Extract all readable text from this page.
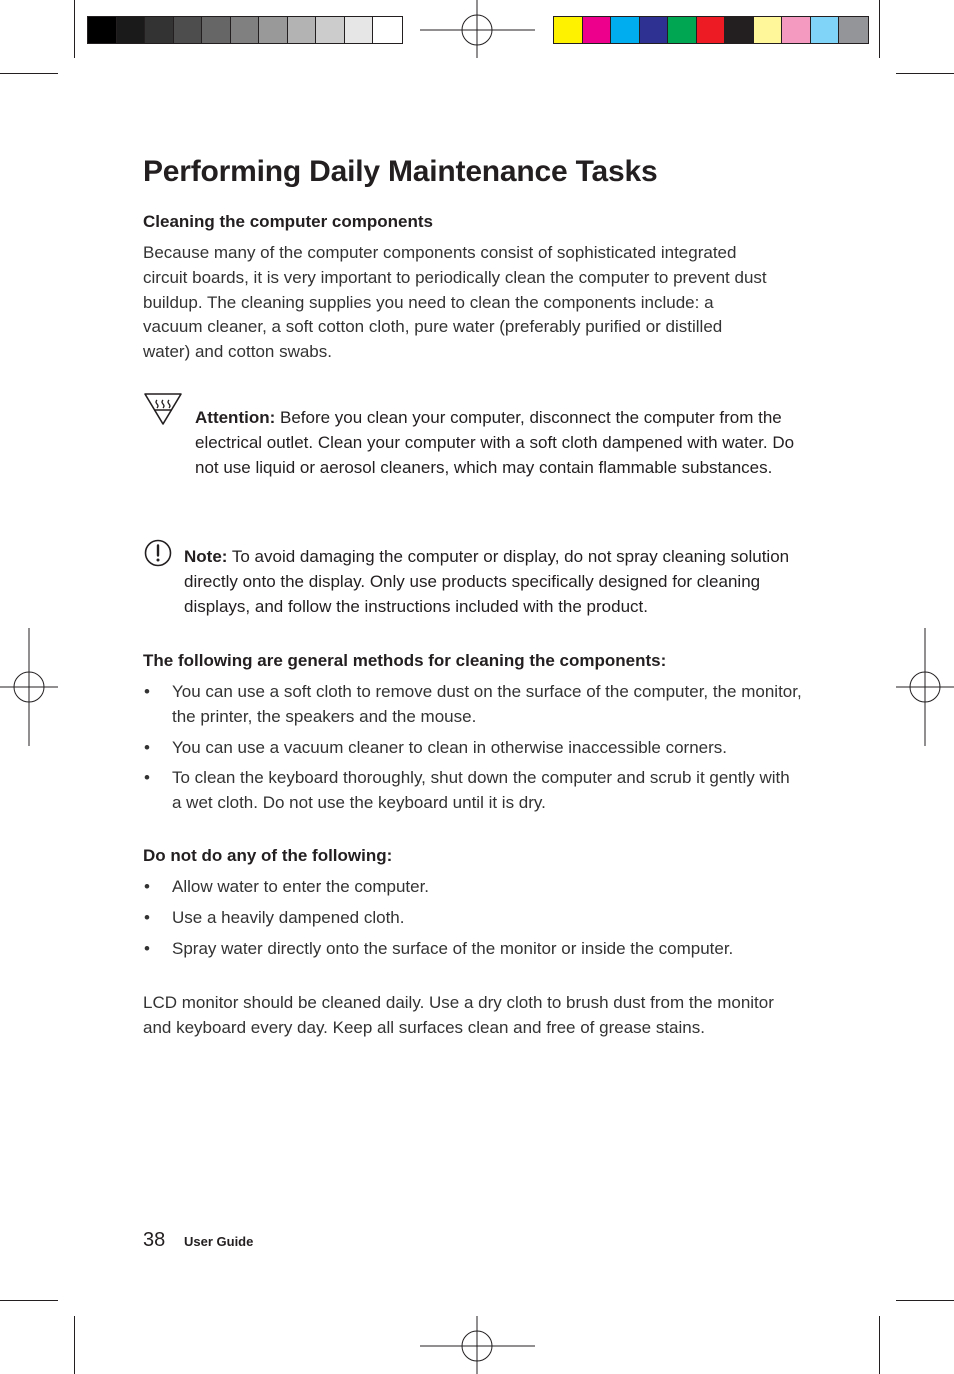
Performing Daily Maintenance Tasks

Cleaning the computer components

Because many of the computer components consist of sophisticated integrated circuit boards, it is very important to periodically clean the computer to prevent dust buildup. The cleaning supplies you need to clean the components include: a vacuum cleaner, a soft cotton cloth, pure water (preferably purified or distilled water) and cotton swabs.

Attention: Before you clean your computer, disconnect the computer from the electrical outlet. Clean your computer with a soft cloth dampened with water. Do not use liquid or aerosol cleaners, which may contain flammable substances.

Note: To avoid damaging the computer or display, do not spray cleaning solution directly onto the display. Only use products specifically designed for cleaning displays, and follow the instructions included with the product.

The following are general methods for cleaning the components:

• You can use a soft cloth to remove dust on the surface of the computer, the monitor, the printer, the speakers and the mouse.
• You can use a vacuum cleaner to clean in otherwise inaccessible corners.
• To clean the keyboard thoroughly, shut down the computer and scrub it gently with a wet cloth. Do not use the keyboard until it is dry.

Do not do any of the following:

• Allow water to enter the computer.
• Use a heavily dampened cloth.
• Spray water directly onto the surface of the monitor or inside the computer.

LCD monitor should be cleaned daily. Use a dry cloth to brush dust from the monitor and keyboard every day. Keep all surfaces clean and free of grease stains.

38 User Guide
